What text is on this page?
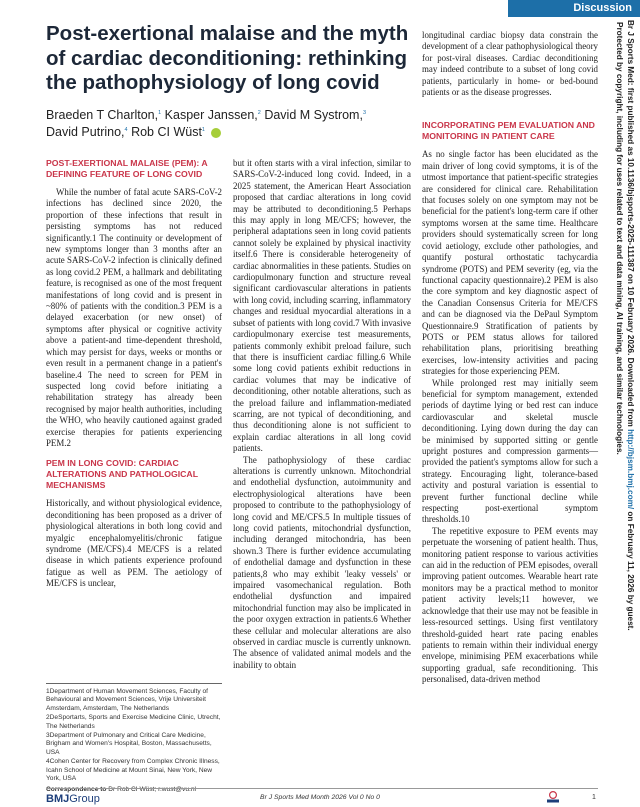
Discussion
Post-exertional malaise and the myth of cardiac deconditioning: rethinking the pathophysiology of long covid
Braeden T Charlton,$^1$ Kasper Janssen,$^2$ David M Systrom,$^3$
David Putrino,$^4$ Rob CI Wüst$^1$
POST-EXERTIONAL MALAISE (PEM): A DEFINING FEATURE OF LONG COVID

While the number of fatal acute SARS-CoV-2 infections has declined since 2020, the proportion of these infections that result in persisting symptoms has not reduced significantly.1 The continuity or development of new symptoms longer than 3 months after an acute SARS-CoV-2 infection is clinically defined as long covid.2 PEM, a hallmark and debilitating feature, is recognised as one of the most frequent manifestations of long covid and is present in ~80% of patients with the condition.3 PEM is a delayed exacerbation (or new onset) of symptoms after physical or cognitive activity above a patient-and time-dependent threshold, which may persist for days, weeks or months or even result in a permanent change in a patient's baseline.4 The need to screen for PEM in suspected long covid before initiating a rehabilitation strategy has already been recognised by major health authorities, including the WHO, who heavily cautioned against graded exercise therapies for patients experiencing PEM.2

PEM IN LONG COVID: CARDIAC ALTERATIONS AND PATHOLOGICAL MECHANISMS

Historically, and without physiological evidence, deconditioning has been proposed as a driver of physiological alterations in both long covid and myalgic encephalomyelitis/chronic fatigue syndrome (ME/CFS).4 ME/CFS is a related disease in which patients experience profound fatigue as well as PEM. The aetiology of ME/CFS is unclear,

1Department of Human Movement Sciences, Faculty of Behavioural and Movement Sciences, Vrije Universiteit Amsterdam, Amsterdam, The Netherlands
2DeSportarts, Sports and Exercise Medicine Clinic, Utrecht, The Netherlands
3Department of Pulmonary and Critical Care Medicine, Brigham and Women's Hospital, Boston, Massachusetts, USA
4Cohen Center for Recovery from Complex Chronic Illness, Icahn School of Medicine at Mount Sinai, New York, New York, USA
Correspondence to Dr Rob CI Wüst; r.wust@vu.nl

but it often starts with a viral infection, similar to SARS-CoV-2-induced long covid. Indeed, in a 2025 statement, the American Heart Association proposed that cardiac alterations in long covid may be attributed to deconditioning.5 Perhaps this may apply in long ME/CFS; however, the peripheral adaptations seen in long covid patients cannot solely be explained by physical inactivity itself.6 There is considerable heterogeneity of cardiac abnormalities in these patients. Studies on cardiopulmonary function and structure reveal significant cardiovascular alterations in patients with long covid, including scarring, inflammatory changes and residual myocardial alterations in a subset of patients with long covid.7 With invasive cardiopulmonary exercise test measurements, patients commonly exhibit preload failure, such that there is insufficient cardiac filling.6 While some long covid patients exhibit reductions in cardiac volumes that may be indicative of deconditioning, other notable alterations, such as the preload failure and inflammation-mediated scarring, are not typical of deconditioning, and thus deconditioning alone is not sufficient to explain cardiac alterations in all long covid patients.

The pathophysiology of these cardiac alterations is currently unknown. Mitochondrial and endothelial dysfunction, autoimmunity and electrophysiological alterations have been proposed to contribute to the pathophysiology of long covid and ME/CFS.5 In multiple tissues of long covid patients, mitochondrial dysfunction, including deranged mitochondria, has been shown.3 There is further evidence accumulating of endothelial damage and dysfunction in these patients,8 who may exhibit 'leaky vessels' or impaired vasomechanical regulation. Both endothelial dysfunction and impaired mitochondrial function may also be implicated in the poor oxygen extraction in patients.6 Whether these cellular and molecular alterations are also observed in cardiac muscle is currently unknown. The absence of validated animal models and the inability to obtain

longitudinal cardiac biopsy data constrain the development of a clear pathophysiological theory for post-viral diseases. Cardiac deconditioning may indeed contribute to a subset of long covid patients, particularly in home- or bed-bound patients or as the disease progresses.

INCORPORATING PEM EVALUATION AND MONITORING IN PATIENT CARE

As no single factor has been elucidated as the main driver of long covid symptoms, it is of the utmost importance that patient-specific strategies are considered for clinical care. Rehabilitation that focuses solely on one symptom may not be beneficial for the patient's long-term care if other symptoms worsen at the same time. Healthcare providers should systematically screen for long covid aetiology, exclude other pathologies, and quantify postural orthostatic tachycardia syndrome (POTS) and PEM severity (eg, via the functional capacity questionnaire).2 PEM is also the core symptom and key diagnostic aspect of the Canadian Consensus Criteria for ME/CFS and can be diagnosed via the DePaul Symptom Questionnaire.9 Stratification of patients by POTS or PEM status allows for tailored rehabilitation plans, prioritising breathing exercises, low-intensity activities and pacing strategies for those experiencing PEM.

While prolonged rest may initially seem beneficial for symptom management, extended periods of daytime lying or bed rest can induce cardiovascular and skeletal muscle deconditioning. Lying down during the day can be minimised by supported sitting or gentle upright postures and compression garments—provided the patient's symptoms allow for such a strategy. Encouraging light, tolerance-based activity and postural variation is essential to prevent further functional decline while respecting post-exertional symptom thresholds.10

The repetitive exposure to PEM events may perpetuate the worsening of patient health. Thus, monitoring patient response to various activities can aid in the reduction of PEM episodes, overall improving patient outcomes. Wearable heart rate monitors may be a practical method to monitor patient activity levels;11 however, we acknowledge that their use may not be feasible in less-resourced settings. Using first ventilatory threshold-guided heart rate pacing enables patients to remain within their individual energy envelope, minimising PEM exacerbations while supporting gradual, safe reconditioning. This personalised, data-driven method

BMJGroup	Br J Sports Med Month 2026 Vol 0 No 0	1
Br J Sports Med: first published as 10.1136/bjsports-2025-111387 on 10 February 2026. Downloaded from http://bjsm.bmj.com/ on February 11, 2026 by guest.
Protected by copyright, including for uses related to text and data mining, AI training, and similar technologies.
